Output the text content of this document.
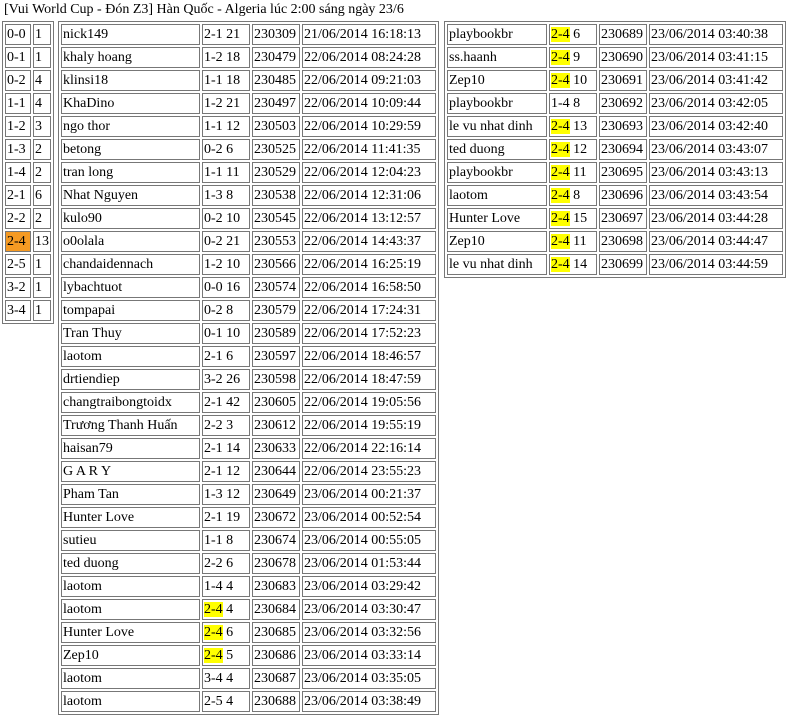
[Vui World Cup - Đón Z3] Hàn Quốc - Algeria lúc 2:00 sáng ngày 23/6
0-0	1
0-1	1
0-2	4
1-1	4
1-2	3
1-3	2
1-4	2
2-1	6
2-2	2
2-4	13
2-5	1
3-2	1
3-4	1
nick149	2-1 21	230309	21/06/2014 16:18:13
khaly hoang	1-2 18	230479	22/06/2014 08:24:28
klinsi18	1-1 18	230485	22/06/2014 09:21:03
KhaDino	1-2 21	230497	22/06/2014 10:09:44
ngo thor	1-1 12	230503	22/06/2014 10:29:59
betong	0-2 6	230525	22/06/2014 11:41:35
tran long	1-1 11	230529	22/06/2014 12:04:23
Nhat Nguyen	1-3 8	230538	22/06/2014 12:31:06
kulo90	0-2 10	230545	22/06/2014 13:12:57
o0olala	0-2 21	230553	22/06/2014 14:43:37
chandaidennach	1-2 10	230566	22/06/2014 16:25:19
lybachtuot	0-0 16	230574	22/06/2014 16:58:50
tompapai	0-2 8	230579	22/06/2014 17:24:31
Tran Thuy	0-1 10	230589	22/06/2014 17:52:23
laotom	2-1 6	230597	22/06/2014 18:46:57
drtiendiep	3-2 26	230598	22/06/2014 18:47:59
changtraibongtoidx	2-1 42	230605	22/06/2014 19:05:56
Trương Thanh Huấn	2-2 3	230612	22/06/2014 19:55:19
haisan79	2-1 14	230633	22/06/2014 22:16:14
G A R Y	2-1 12	230644	22/06/2014 23:55:23
Pham Tan	1-3 12	230649	23/06/2014 00:21:37
Hunter Love	2-1 19	230672	23/06/2014 00:52:54
sutieu	1-1 8	230674	23/06/2014 00:55:05
ted duong	2-2 6	230678	23/06/2014 01:53:44
laotom	1-4 4	230683	23/06/2014 03:29:42
laotom	2-4 4	230684	23/06/2014 03:30:47
Hunter Love	2-4 6	230685	23/06/2014 03:32:56
Zep10	2-4 5	230686	23/06/2014 03:33:14
laotom	3-4 4	230687	23/06/2014 03:35:05
laotom	2-5 4	230688	23/06/2014 03:38:49
playbookbr	2-4 6	230689	23/06/2014 03:40:38
ss.haanh	2-4 9	230690	23/06/2014 03:41:15
Zep10	2-4 10	230691	23/06/2014 03:41:42
playbookbr	1-4 8	230692	23/06/2014 03:42:05
le vu nhat dinh	2-4 13	230693	23/06/2014 03:42:40
ted duong	2-4 12	230694	23/06/2014 03:43:07
playbookbr	2-4 11	230695	23/06/2014 03:43:13
laotom	2-4 8	230696	23/06/2014 03:43:54
Hunter Love	2-4 15	230697	23/06/2014 03:44:28
Zep10	2-4 11	230698	23/06/2014 03:44:47
le vu nhat dinh	2-4 14	230699	23/06/2014 03:44:59
